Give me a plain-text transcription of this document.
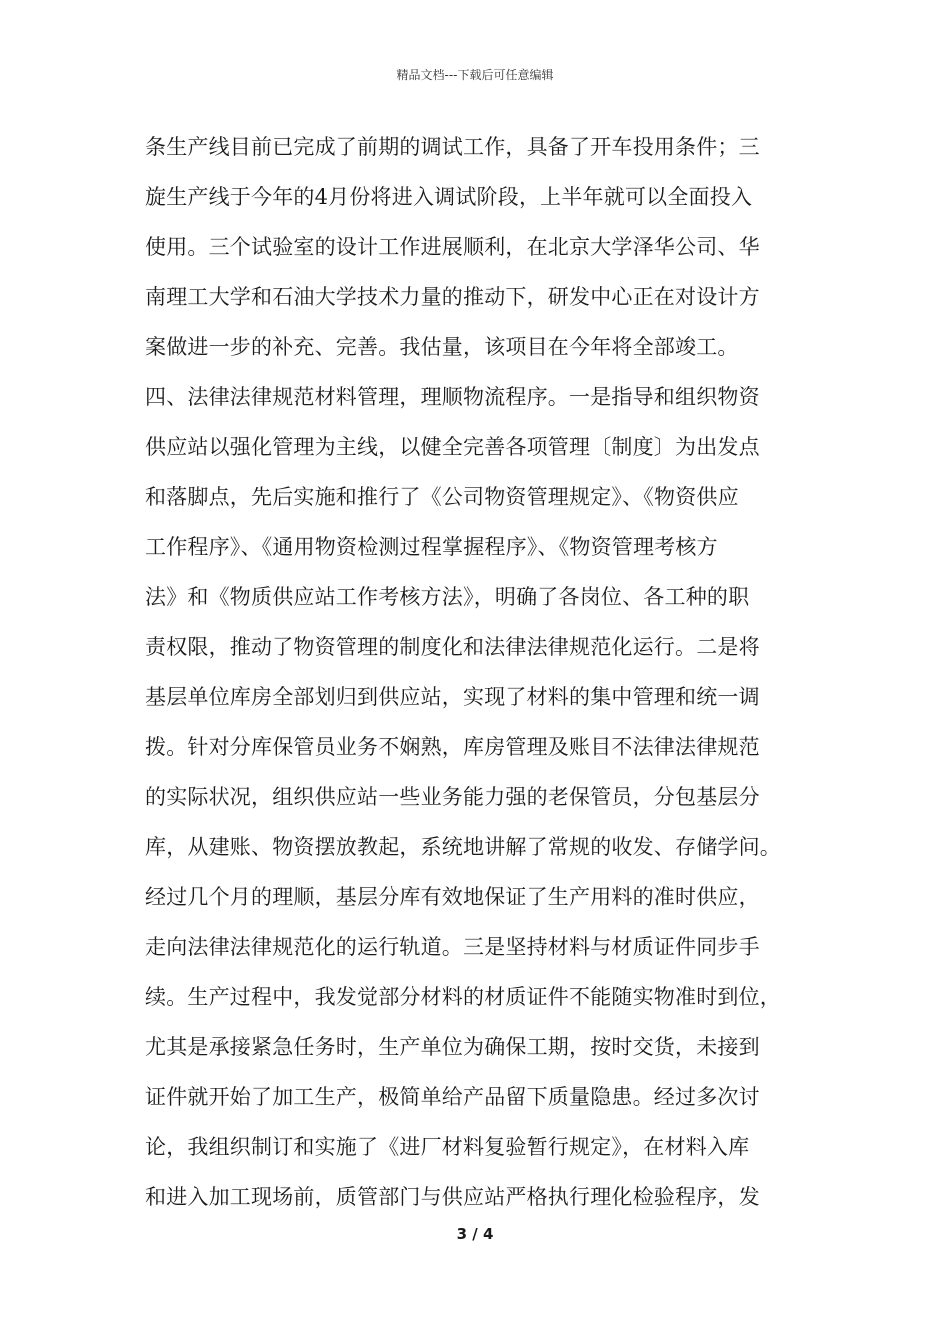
精品文档---下载后可任意编辑
条生产线目前已完成了前期的调试工作，具备了开车投用条件；三
旋生产线于今年的4月份将进入调试阶段，上半年就可以全面投入
使用。三个试验室的设计工作进展顺利，在北京大学泽华公司、华
南理工大学和石油大学技术力量的推动下，研发中心正在对设计方
案做进一步的补充、完善。我估量，该项目在今年将全部竣工。
四、法律法律规范材料管理，理顺物流程序。一是指导和组织物资
供应站以强化管理为主线，以健全完善各项管理〔制度〕为出发点
和落脚点，先后实施和推行了《公司物资管理规定》、《物资供应
工作程序》、《通用物资检测过程掌握程序》、《物资管理考核方
法》和《物质供应站工作考核方法》，明确了各岗位、各工种的职
责权限，推动了物资管理的制度化和法律法律规范化运行。二是将
基层单位库房全部划归到供应站，实现了材料的集中管理和统一调
拨。针对分库保管员业务不娴熟，库房管理及账目不法律法律规范
的实际状况，组织供应站一些业务能力强的老保管员，分包基层分
库，从建账、物资摆放教起，系统地讲解了常规的收发、存储学问。
经过几个月的理顺，基层分库有效地保证了生产用料的准时供应，
走向法律法律规范化的运行轨道。三是坚持材料与材质证件同步手
续。生产过程中，我发觉部分材料的材质证件不能随实物准时到位，
尤其是承接紧急任务时，生产单位为确保工期，按时交货，未接到
证件就开始了加工生产，极简单给产品留下质量隐患。经过多次讨
论，我组织制订和实施了《进厂材料复验暂行规定》，在材料入库
和进入加工现场前，质管部门与供应站严格执行理化检验程序，发
3 / 4
